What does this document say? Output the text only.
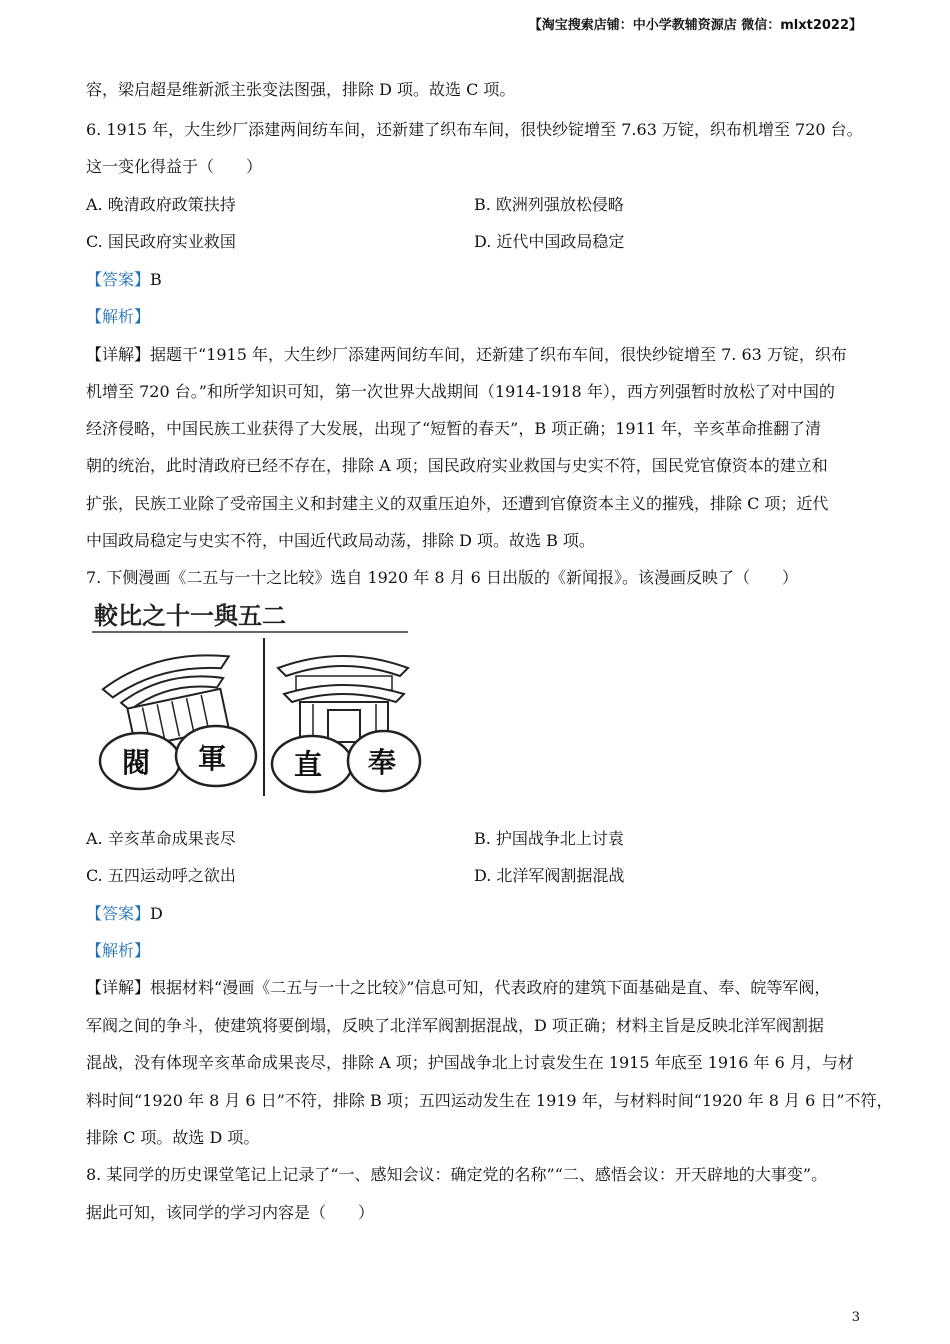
【淘宝搜索店铺：中小学教辅资源店 微信：mlxt2022】
容，梁启超是维新派主张变法图强，排除 D 项。故选 C 项。
6. 1915 年，大生纱厂添建两间纺车间，还新建了织布车间，很快纱锭增至 7.63 万锭，织布机增至 720 台。
这一变化得益于（　　）
A. 晚清政府政策扶持	B. 欧洲列强放松侵略
C. 国民政府实业救国	D. 近代中国政局稳定
【答案】B
【解析】
【详解】据题干“1915 年，大生纱厂添建两间纺车间，还新建了织布车间，很快纱锭增至 7. 63 万锭，织布
机增至 720 台。”和所学知识可知，第一次世界大战期间（1914-1918 年），西方列强暂时放松了对中国的
经济侵略，中国民族工业获得了大发展，出现了“短暂的春天”，B 项正确；1911 年，辛亥革命推翻了清
朝的统治，此时清政府已经不存在，排除 A 项；国民政府实业救国与史实不符，国民党官僚资本的建立和
扩张，民族工业除了受帝国主义和封建主义的双重压迫外，还遭到官僚资本主义的摧残，排除 C 项；近代
中国政局稳定与史实不符，中国近代政局动荡，排除 D 项。故选 B 项。
7. 下侧漫画《二五与一十之比较》选自 1920 年 8 月 6 日出版的《新闻报》。该漫画反映了（　　）
較比之十一與五二
閥 軍 直 奉
A. 辛亥革命成果丧尽	B. 护国战争北上讨袁
C. 五四运动呼之欲出	D. 北洋军阀割据混战
【答案】D
【解析】
【详解】根据材料“漫画《二五与一十之比较》”信息可知，代表政府的建筑下面基础是直、奉、皖等军阀，
军阀之间的争斗，使建筑将要倒塌，反映了北洋军阀割据混战，D 项正确；材料主旨是反映北洋军阀割据
混战，没有体现辛亥革命成果丧尽，排除 A 项；护国战争北上讨袁发生在 1915 年底至 1916 年 6 月，与材
料时间“1920 年 8 月 6 日”不符，排除 B 项；五四运动发生在 1919 年，与材料时间“1920 年 8 月 6 日”不符，
排除 C 项。故选 D 项。
8. 某同学的历史课堂笔记上记录了“一、感知会议：确定党的名称”“二、感悟会议：开天辟地的大事变”。
据此可知，该同学的学习内容是（　　）
3
